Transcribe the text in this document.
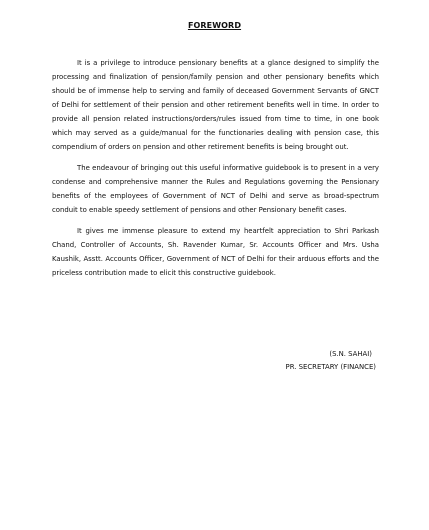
FOREWORD

It is a privilege to introduce pensionary benefits at a glance designed to simplify the processing and finalization of pension/family pension and other pensionary benefits which should be of immense help to serving and family of deceased Government Servants of GNCT of Delhi for settlement of their pension and other retirement benefits well in time. In order to provide all pension related instructions/orders/rules issued from time to time, in one book which may served as a guide/manual for the functionaries dealing with pension case, this compendium of orders on pension and other retirement benefits is being brought out.

The endeavour of bringing out this useful informative guidebook is to present in a very condense and comprehensive manner the Rules and Regulations governing the Pensionary benefits of the employees of Government of NCT of Delhi and serve as broad-spectrum conduit to enable speedy settlement of pensions and other Pensionary benefit cases.

It gives me immense pleasure to extend my heartfelt appreciation to Shri Parkash Chand, Controller of Accounts, Sh. Ravender Kumar, Sr. Accounts Officer and Mrs. Usha Kaushik, Asstt. Accounts Officer, Government of NCT of Delhi for their arduous efforts and the priceless contribution made to elicit this constructive guidebook.

(S.N. SAHAI)
PR. SECRETARY (FINANCE)
